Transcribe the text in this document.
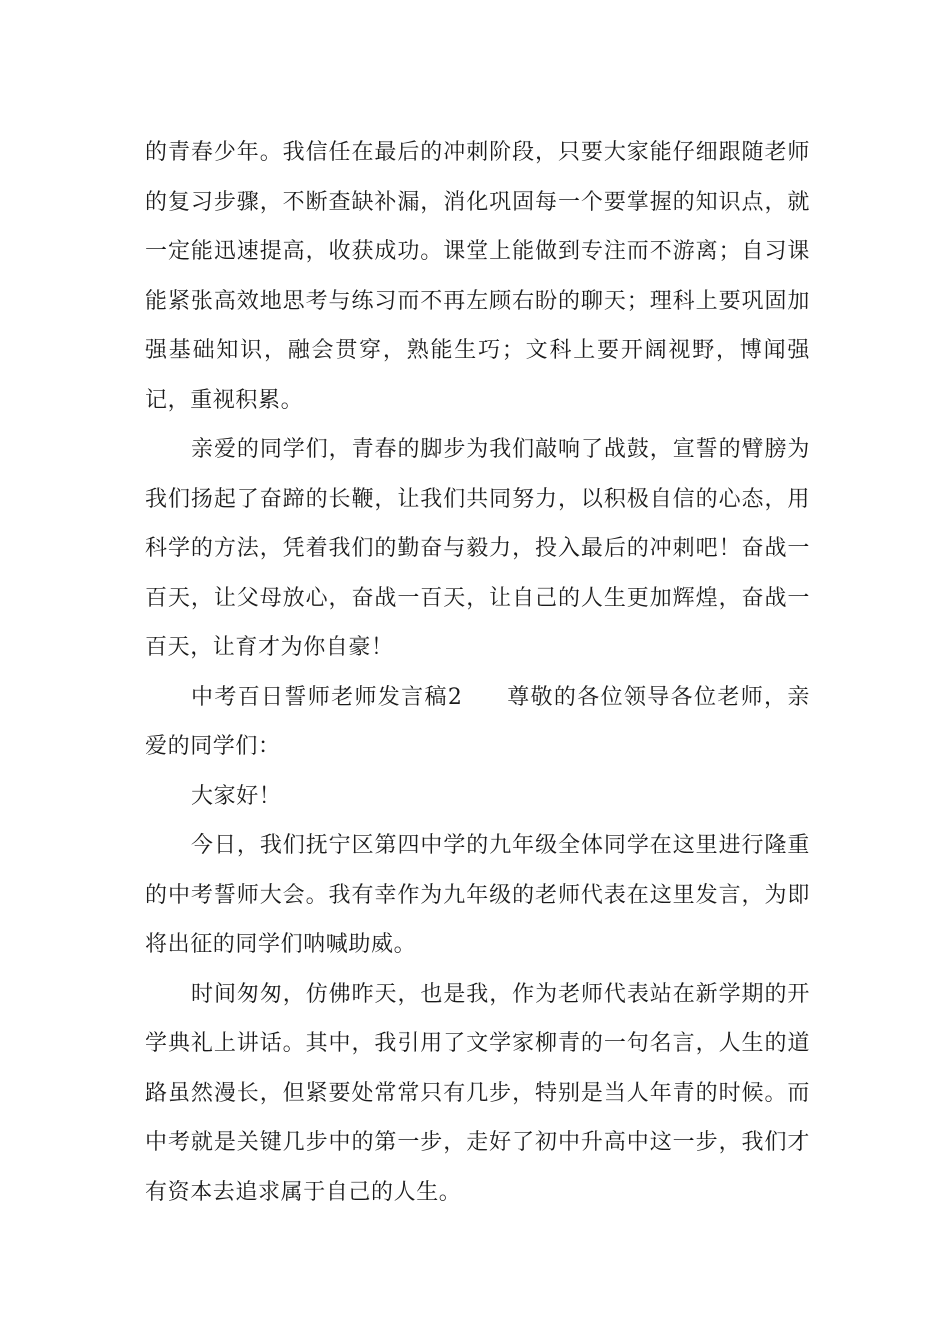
的青春少年。我信任在最后的冲刺阶段，只要大家能仔细跟随老师的复习步骤，不断查缺补漏，消化巩固每一个要掌握的知识点，就一定能迅速提高，收获成功。课堂上能做到专注而不游离；自习课能紧张高效地思考与练习而不再左顾右盼的聊天；理科上要巩固加强基础知识，融会贯穿，熟能生巧；文科上要开阔视野，博闻强记，重视积累。

亲爱的同学们，青春的脚步为我们敲响了战鼓，宣誓的臂膀为我们扬起了奋蹄的长鞭，让我们共同努力，以积极自信的心态，用科学的方法，凭着我们的勤奋与毅力，投入最后的冲刺吧！奋战一百天，让父母放心，奋战一百天，让自己的人生更加辉煌，奋战一百天，让育才为你自豪！

中考百日誓师老师发言稿2 尊敬的各位领导各位老师，亲爱的同学们：

大家好！

今日，我们抚宁区第四中学的九年级全体同学在这里进行隆重的中考誓师大会。我有幸作为九年级的老师代表在这里发言，为即将出征的同学们呐喊助威。

时间匆匆，仿佛昨天，也是我，作为老师代表站在新学期的开学典礼上讲话。其中，我引用了文学家柳青的一句名言，人生的道路虽然漫长，但紧要处常常只有几步，特别是当人年青的时候。而中考就是关键几步中的第一步，走好了初中升高中这一步，我们才有资本去追求属于自己的人生。
